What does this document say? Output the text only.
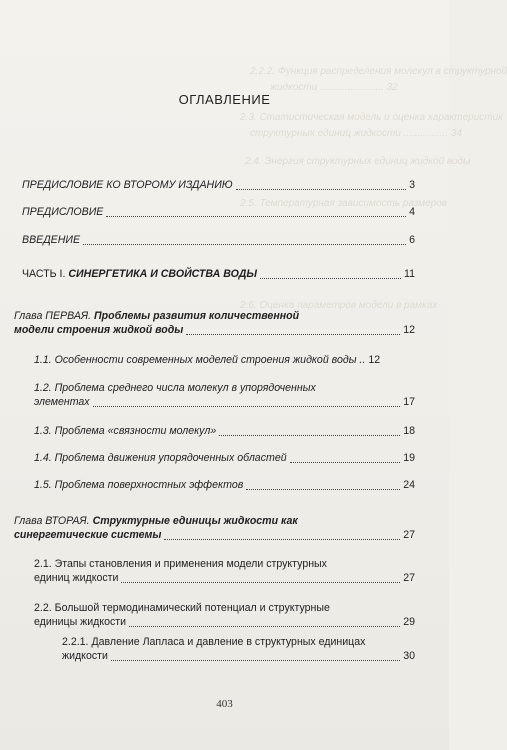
2.2.2. Функция распределения молекул в структурной
жидкости ....................... 32
2.3. Статистическая модель и оценка характеристик
структурных единиц жидкости ................ 34
2.4. Энергия структурных единиц жидкой воды
2.5. Температурная зависимость размеров
2.6. Оценка параметров модели в рамках
ОГЛАВЛЕНИЕ
ПРЕДИСЛОВИЕ КО ВТОРОМУ ИЗДАНИЮ	3
ПРЕДИСЛОВИЕ	4
ВВЕДЕНИЕ	6
ЧАСТЬ I.
СИНЕРГЕТИКА И СВОЙСТВА ВОДЫ	11
Глава ПЕРВАЯ. Проблемы развития количественной
модели строения жидкой воды	12
1.1. Особенности современных моделей строения жидкой воды .. 12
1.2. Проблема среднего числа молекул в упорядоченных
элементах	17
1.3. Проблема «связности молекул»	18
1.4. Проблема движения упорядоченных областей	19
1.5. Проблема поверхностных эффектов	24
Глава ВТОРАЯ. Структурные единицы жидкости как
синергетические системы	27
2.1. Этапы становления и применения модели структурных
единиц жидкости	27
2.2. Большой термодинамический потенциал и структурные
единицы жидкости	29
2.2.1. Давление Лапласа и давление в структурных единицах
жидкости	30
403
